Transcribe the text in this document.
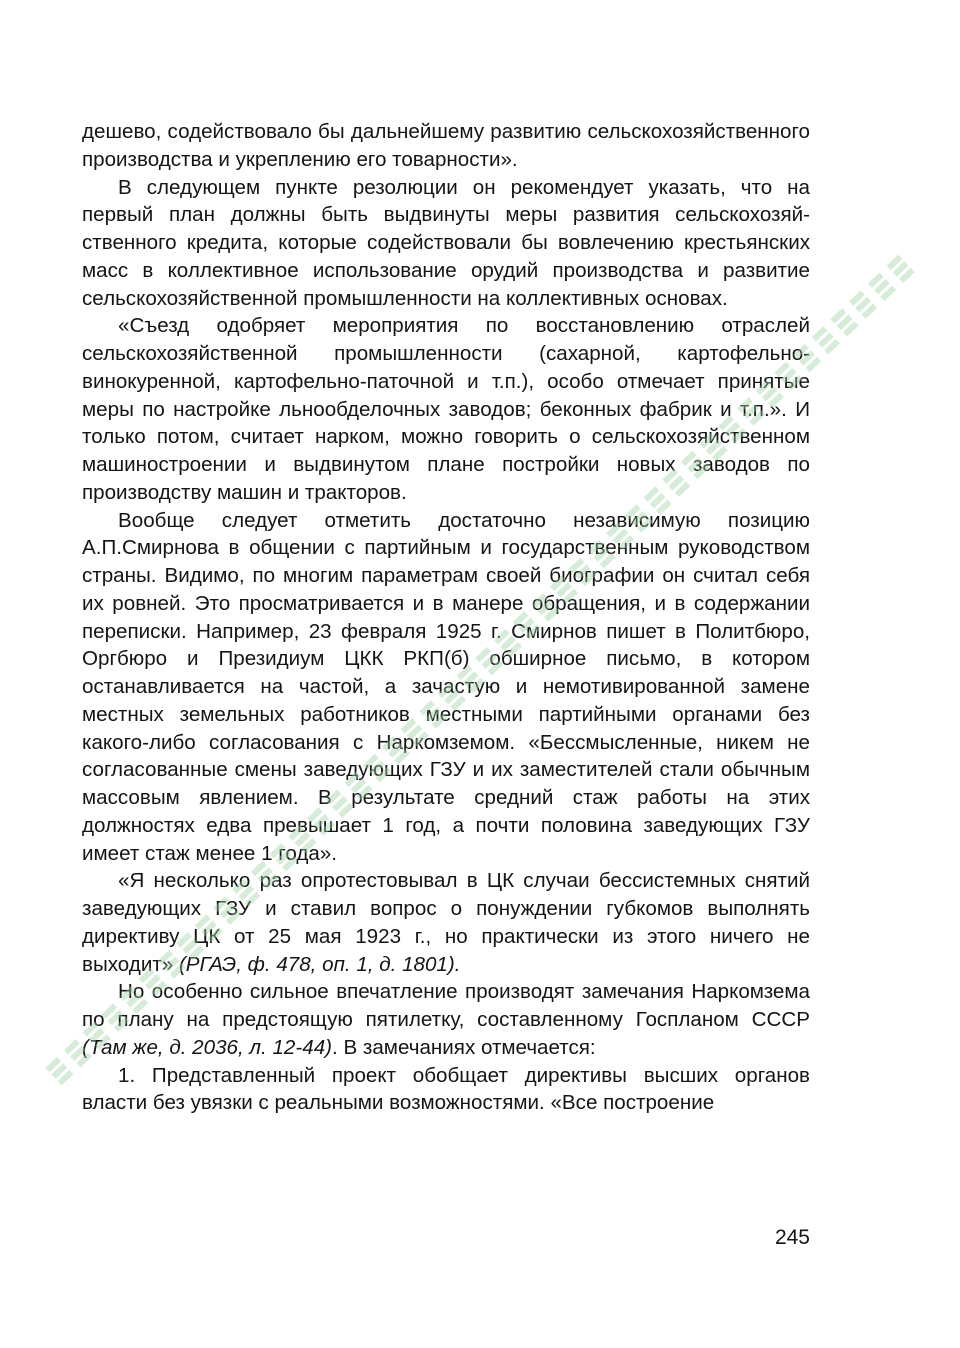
дешево, содействовало бы дальнейшему развитию сельскохозяйственного производства и укреплению его товарности».

В следующем пункте резолюции он рекомендует указать, что на первый план должны быть выдвинуты меры развития сельскохозяйственного кредита, которые содействовали бы вовлечению крестьянских масс в коллективное использование орудий производства и развитие сельскохозяйственной промышленности на коллективных основах.

«Съезд одобряет мероприятия по восстановлению отраслей сельскохозяйственной промышленности (сахарной, картофельно-винокуренной, картофельно-паточной и т.п.), особо отмечает принятые меры по настройке льнообделочных заводов; беконных фабрик и т.п.». И только потом, считает нарком, можно говорить о сельскохозяйственном машиностроении и выдвинутом плане постройки новых заводов по производству машин и тракторов.

Вообще следует отметить достаточно независимую позицию А.П.Смирнова в общении с партийным и государственным руководством страны. Видимо, по многим параметрам своей биографии он считал себя их ровней. Это просматривается и в манере обращения, и в содержании переписки. Например, 23 февраля 1925 г. Смирнов пишет в Политбюро, Оргбюро и Президиум ЦКК РКП(б) обширное письмо, в котором останавливается на частой, а зачастую и немотивированной замене местных земельных работников местными партийными органами без какого-либо согласования с Наркомземом. «Бессмысленные, никем не согласованные смены заведующих ГЗУ и их заместителей стали обычным массовым явлением. В результате средний стаж работы на этих должностях едва превышает 1 год, а почти половина заведующих ГЗУ имеет стаж менее 1 года».

«Я несколько раз опротестовывал в ЦК случаи бессистемных снятий заведующих ГЗУ и ставил вопрос о понуждении губкомов выполнять директиву ЦК от 25 мая 1923 г., но практически из этого ничего не выходит» (РГАЭ, ф. 478, оп. 1, д. 1801).

Но особенно сильное впечатление производят замечания Наркомзема по плану на предстоящую пятилетку, составленному Госпланом СССР (Там же, д. 2036, л. 12-44). В замечаниях отмечается:

1. Представленный проект обобщает директивы высших органов власти без увязки с реальными возможностями. «Все построение

245
